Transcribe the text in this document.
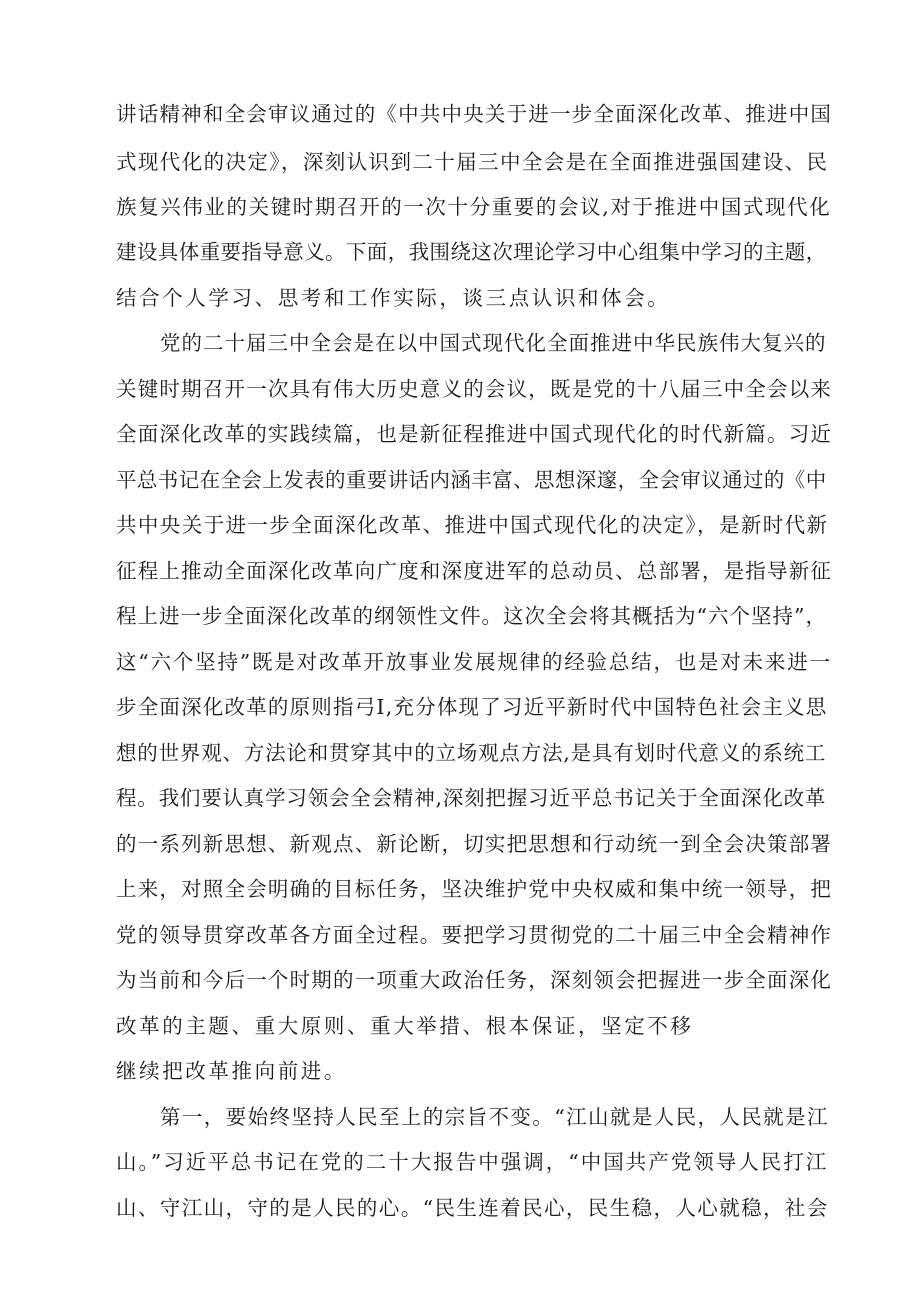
讲话精神和全会审议通过的《中共中央关于进一步全面深化改革、推进中国
式现代化的决定》，深刻认识到二十届三中全会是在全面推进强国建设、民
族复兴伟业的关键时期召开的一次十分重要的会议,对于推进中国式现代化
建设具体重要指导意义。下面，我围绕这次理论学习中心组集中学习的主题，
结合个人学习、思考和工作实际，谈三点认识和体会。
党的二十届三中全会是在以中国式现代化全面推进中华民族伟大复兴的
关键时期召开一次具有伟大历史意义的会议，既是党的十八届三中全会以来
全面深化改革的实践续篇，也是新征程推进中国式现代化的时代新篇。习近
平总书记在全会上发表的重要讲话内涵丰富、思想深邃，全会审议通过的《中
共中央关于进一步全面深化改革、推进中国式现代化的决定》，是新时代新
征程上推动全面深化改革向广度和深度进军的总动员、总部署，是指导新征
程上进一步全面深化改革的纲领性文件。这次全会将其概括为“六个坚持”，
这“六个坚持”既是对改革开放事业发展规律的经验总结，也是对未来进一
步全面深化改革的原则指弓I,充分体现了习近平新时代中国特色社会主义思
想的世界观、方法论和贯穿其中的立场观点方法,是具有划时代意义的系统工
程。我们要认真学习领会全会精神,深刻把握习近平总书记关于全面深化改革
的一系列新思想、新观点、新论断，切实把思想和行动统一到全会决策部署
上来，对照全会明确的目标任务，坚决维护党中央权威和集中统一领导，把
党的领导贯穿改革各方面全过程。要把学习贯彻党的二十届三中全会精神作
为当前和今后一个时期的一项重大政治任务，深刻领会把握进一步全面深化
改革的主题、重大原则、重大举措、根本保证，坚定不移
继续把改革推向前进。
第一，要始终坚持人民至上的宗旨不变。“江山就是人民，人民就是江
山。”习近平总书记在党的二十大报告中强调，“中国共产党领导人民打江
山、守江山，守的是人民的心。“民生连着民心，民生稳，人心就稳，社会
